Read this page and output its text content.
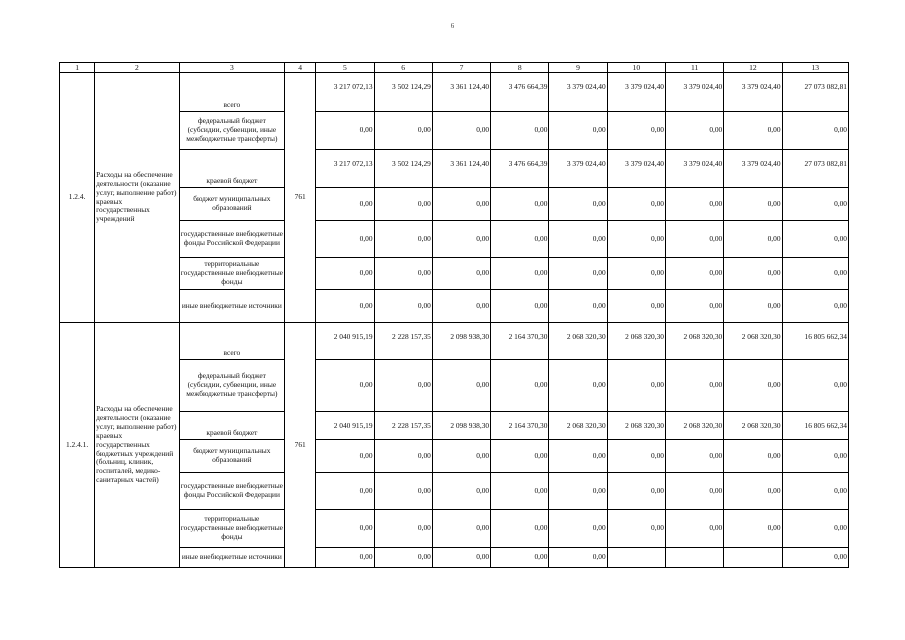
6
1	2	3	4	5	6	7	8	9	10	11	12	13
1.2.4.	Расходы на обеспечение деятельности (оказание услуг, выполнение работ) краевых государственных учреждений	всего	761	3 217 072,13	3 502 124,29	3 361 124,40	3 476 664,39	3 379 024,40	3 379 024,40	3 379 024,40	3 379 024,40	27 073 082,81
		федеральный бюджет (субсидии, субвенции, иные межбюджетные трансферты)		0,00	0,00	0,00	0,00	0,00	0,00	0,00	0,00	0,00
		краевой бюджет		3 217 072,13	3 502 124,29	3 361 124,40	3 476 664,39	3 379 024,40	3 379 024,40	3 379 024,40	3 379 024,40	27 073 082,81
		бюджет муниципальных образований		0,00	0,00	0,00	0,00	0,00	0,00	0,00	0,00	0,00
		государственные внебюджетные фонды Российской Федерации		0,00	0,00	0,00	0,00	0,00	0,00	0,00	0,00	0,00
		территориальные государственные внебюджетные фонды		0,00	0,00	0,00	0,00	0,00	0,00	0,00	0,00	0,00
		иные внебюджетные источники		0,00	0,00	0,00	0,00	0,00	0,00	0,00	0,00	0,00
1.2.4.1.	Расходы на обеспечение деятельности (оказание услуг, выполнение работ) краевых государственных бюджетных учреждений (больниц, клиник, госпиталей, медико-санитарных частей)	всего	761	2 040 915,19	2 228 157,35	2 098 938,30	2 164 370,30	2 068 320,30	2 068 320,30	2 068 320,30	2 068 320,30	16 805 662,34
		федеральный бюджет (субсидии, субвенции, иные межбюджетные трансферты)		0,00	0,00	0,00	0,00	0,00	0,00	0,00	0,00	0,00
		краевой бюджет		2 040 915,19	2 228 157,35	2 098 938,30	2 164 370,30	2 068 320,30	2 068 320,30	2 068 320,30	2 068 320,30	16 805 662,34
		бюджет муниципальных образований		0,00	0,00	0,00	0,00	0,00	0,00	0,00	0,00	0,00
		государственные внебюджетные фонды Российской Федерации		0,00	0,00	0,00	0,00	0,00	0,00	0,00	0,00	0,00
		территориальные государственные внебюджетные фонды		0,00	0,00	0,00	0,00	0,00	0,00	0,00	0,00	0,00
		иные внебюджетные источники		0,00	0,00	0,00	0,00	0,00				0,00
